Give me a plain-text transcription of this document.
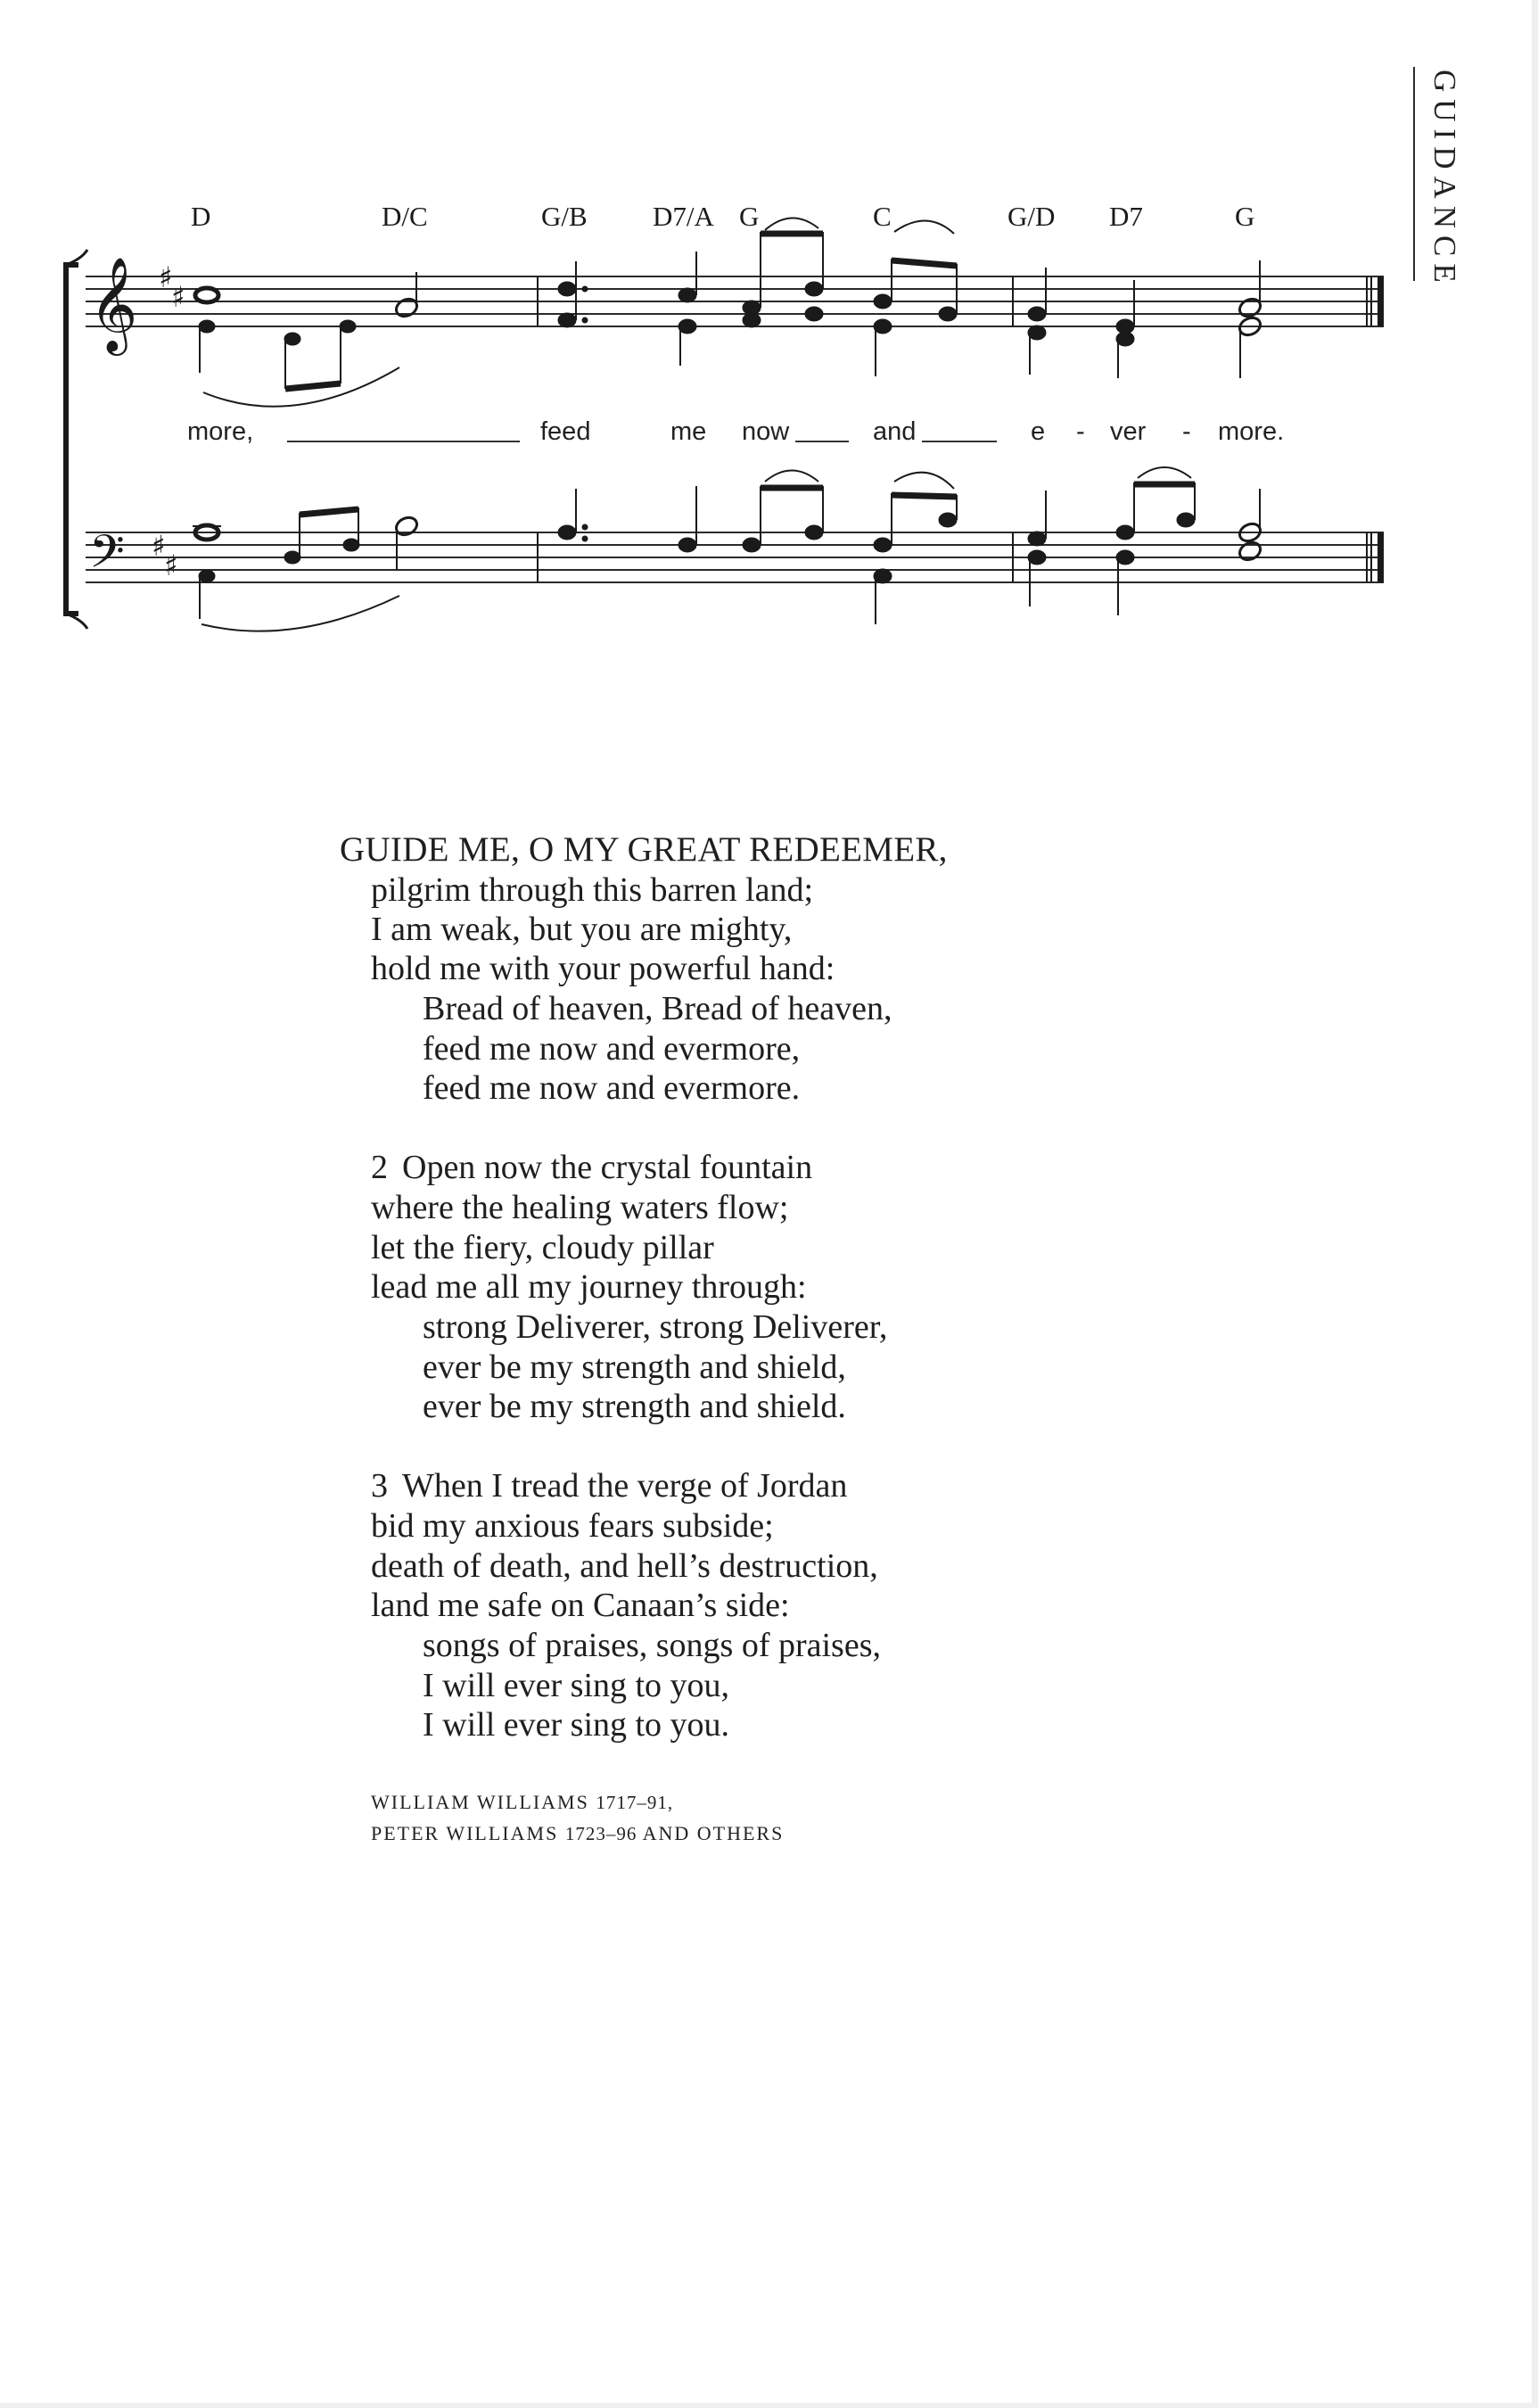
GUIDANCE
𝄞
𝄢
♯
♯
♯
♯
D	D/C	G/B D7/A G	C	G/D D7	G
more,	feed	me now	and	e - ver - more.
GUIDE ME, O MY GREAT REDEEMER,
pilgrim through this barren land;
I am weak, but you are mighty,
hold me with your powerful hand:
Bread of heaven, Bread of heaven,
feed me now and evermore,
feed me now and evermore.
2 Open now the crystal fountain
where the healing waters flow;
let the fiery, cloudy pillar
lead me all my journey through:
strong Deliverer, strong Deliverer,
ever be my strength and shield,
ever be my strength and shield.
3 When I tread the verge of Jordan
bid my anxious fears subside;
death of death, and hell’s destruction,
land me safe on Canaan’s side:
songs of praises, songs of praises,
I will ever sing to you,
I will ever sing to you.
WILLIAM WILLIAMS 1717–91,
PETER WILLIAMS 1723–96 AND OTHERS
